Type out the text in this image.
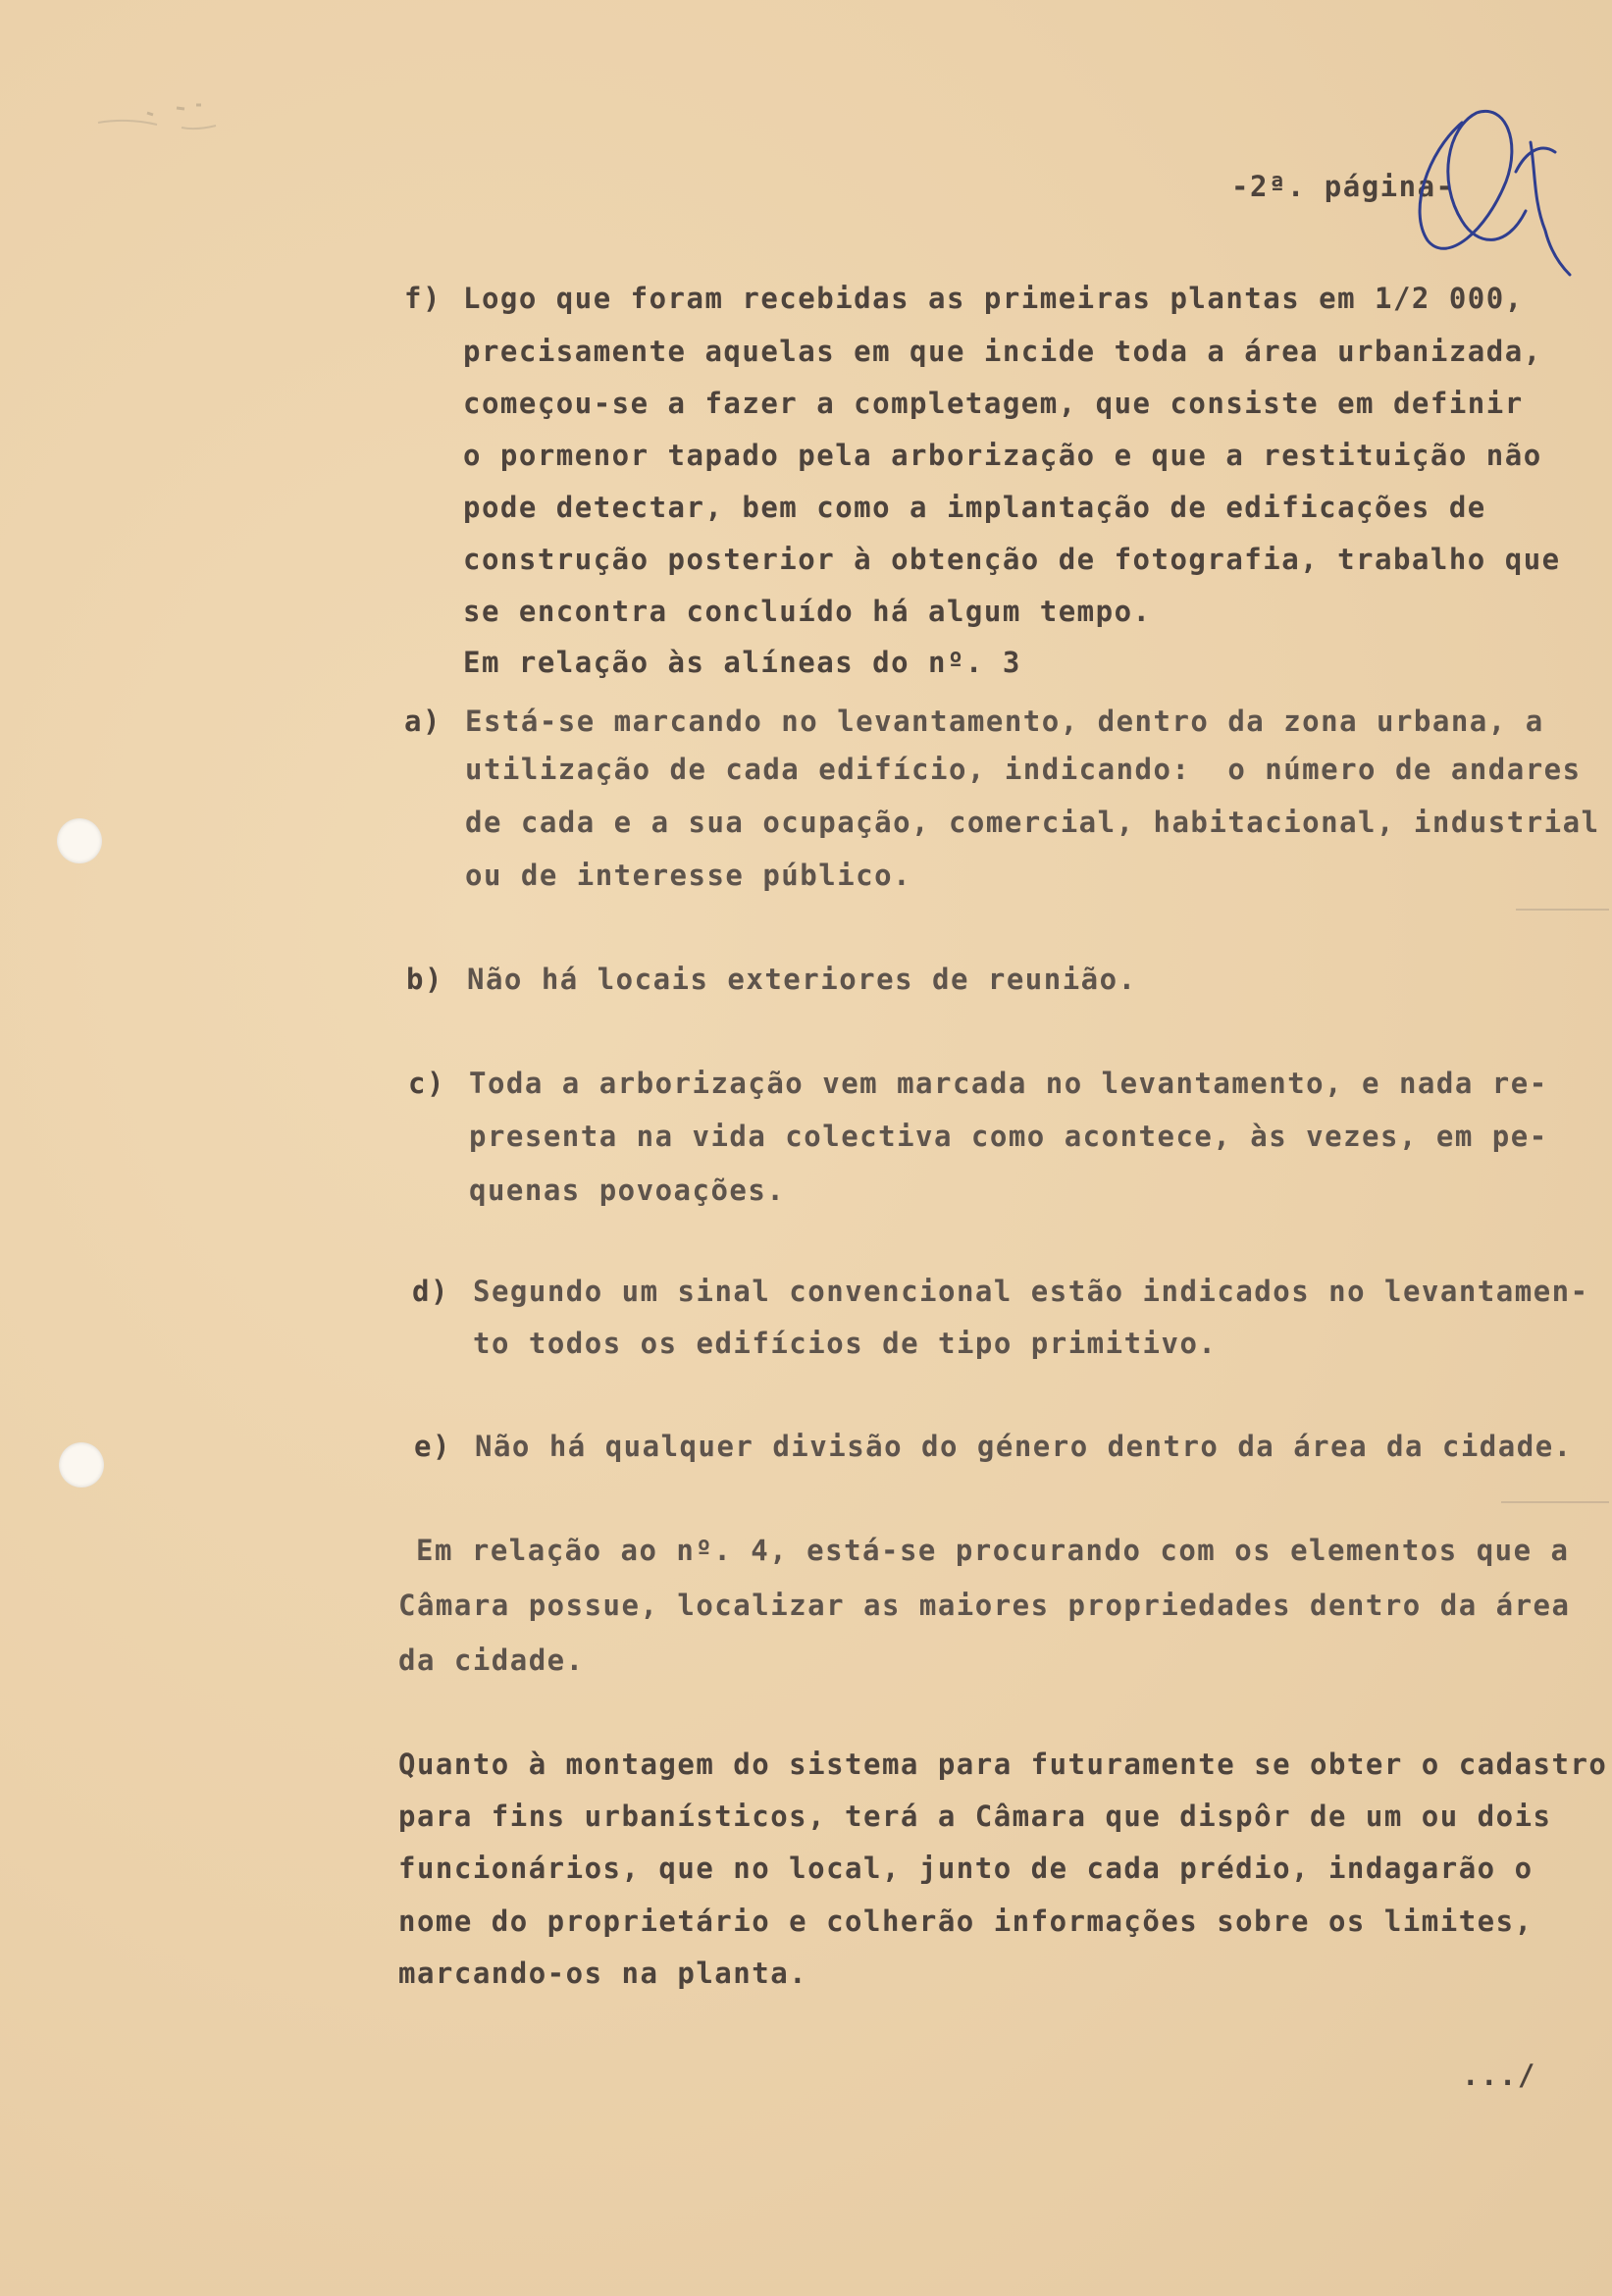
-2ª. página-
f) Logo que foram recebidas as primeiras plantas em 1/2 000,
precisamente aquelas em que incide toda a área urbanizada,
começou-se a fazer a completagem, que consiste em definir
o pormenor tapado pela arborização e que a restituição não
pode detectar, bem como a implantação de edificações de
construção posterior à obtenção de fotografia, trabalho que
se encontra concluído há algum tempo.
Em relação às alíneas do nº. 3
a) Está-se marcando no levantamento, dentro da zona urbana, a
utilização de cada edifício, indicando:  o número de andares
de cada e a sua ocupação, comercial, habitacional, industrial
ou de interesse público.
b) Não há locais exteriores de reunião.
c) Toda a arborização vem marcada no levantamento, e nada re-
presenta na vida colectiva como acontece, às vezes, em pe-
quenas povoações.
d) Segundo um sinal convencional estão indicados no levantamen-
to todos os edifícios de tipo primitivo.
e) Não há qualquer divisão do género dentro da área da cidade.
Em relação ao nº. 4, está-se procurando com os elementos que a
Câmara possue, localizar as maiores propriedades dentro da área
da cidade.
Quanto à montagem do sistema para futuramente se obter o cadastro
para fins urbanísticos, terá a Câmara que dispôr de um ou dois
funcionários, que no local, junto de cada prédio, indagarão o
nome do proprietário e colherão informações sobre os limites,
marcando-os na planta.
.../
